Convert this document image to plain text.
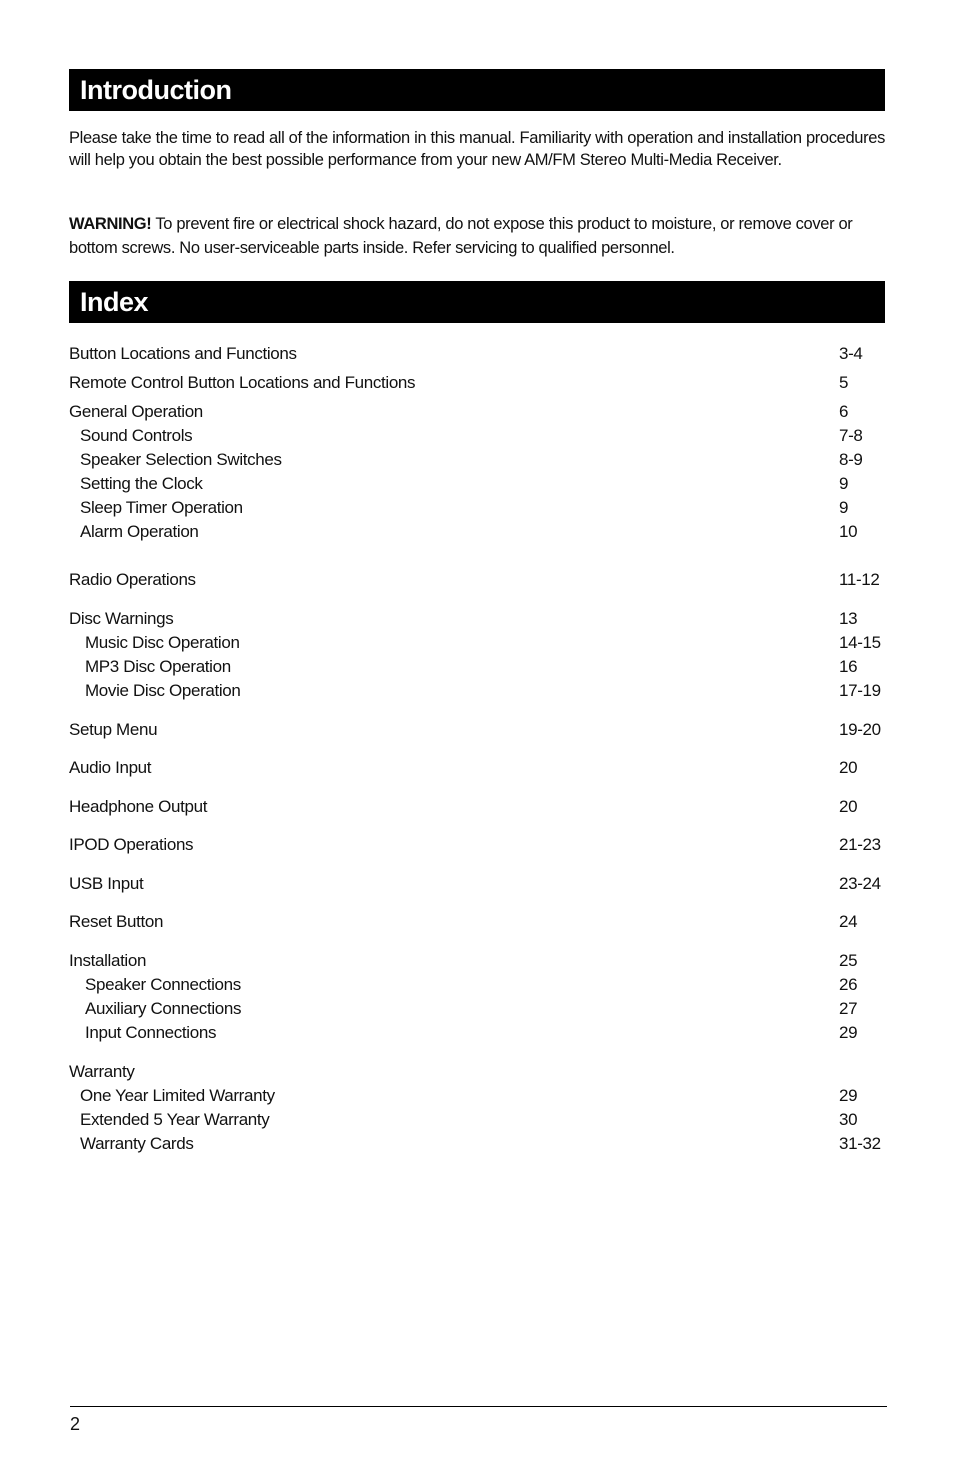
Introduction
Please take the time to read all of the information in this manual. Familiarity with operation and installation procedures will help you obtain the best possible performance from your new AM/FM Stereo Multi-Media Receiver.
WARNING! To prevent fire or electrical shock hazard, do not expose this product to moisture, or remove cover or bottom screws. No user-serviceable parts inside. Refer servicing to qualified personnel.
Index
Button Locations and Functions	3-4
Remote Control Button Locations and Functions	5
General Operation	6
Sound Controls	7-8
Speaker Selection Switches	8-9
Setting the Clock	9
Sleep Timer Operation	9
Alarm Operation	10
Radio Operations	11-12
Disc Warnings	13
Music Disc Operation	14-15
MP3 Disc Operation	16
Movie Disc Operation	17-19
Setup Menu	19-20
Audio Input	20
Headphone Output	20
IPOD Operations	21-23
USB Input	23-24
Reset Button	24
Installation	25
Speaker Connections	26
Auxiliary Connections	27
Input Connections	29
Warranty
One Year Limited Warranty	29
Extended 5 Year Warranty	30
Warranty Cards	31-32
2
